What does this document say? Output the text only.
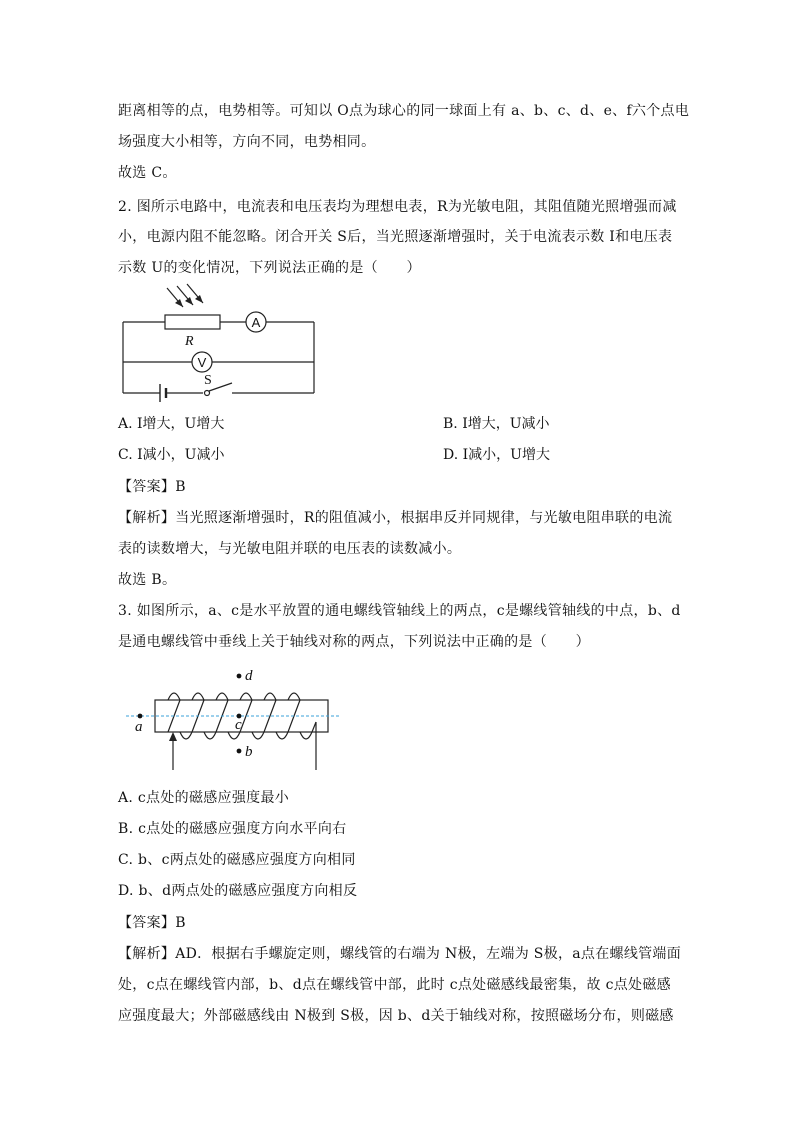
距离相等的点，电势相等。可知以 O点为球心的同一球面上有 a、b、c、d、e、f六个点电
场强度大小相等，方向不同，电势相同。
故选 C。
2. 图所示电路中，电流表和电压表均为理想电表，R为光敏电阻，其阻值随光照增强而减
小，电源内阻不能忽略。闭合开关 S后，当光照逐渐增强时，关于电流表示数 I和电压表
示数 U的变化情况，下列说法正确的是（　　）
R
A
V
S
A. I增大，U增大	B. I增大，U减小
C. I减小，U减小	D. I减小，U增大
【答案】B
【解析】当光照逐渐增强时，R的阻值减小，根据串反并同规律，与光敏电阻串联的电流
表的读数增大，与光敏电阻并联的电压表的读数减小。
故选 B。
3. 如图所示，a、c是水平放置的通电螺线管轴线上的两点，c是螺线管轴线的中点，b、d
是通电螺线管中垂线上关于轴线对称的两点，下列说法中正确的是（　　）
d
a	c
b
A. c点处的磁感应强度最小
B. c点处的磁感应强度方向水平向右
C. b、c两点处的磁感应强度方向相同
D. b、d两点处的磁感应强度方向相反
【答案】B
【解析】AD．根据右手螺旋定则，螺线管的右端为 N极，左端为 S极，a点在螺线管端面
处，c点在螺线管内部，b、d点在螺线管中部，此时 c点处磁感线最密集，故 c点处磁感
应强度最大；外部磁感线由 N极到 S极，因 b、d关于轴线对称，按照磁场分布，则磁感
